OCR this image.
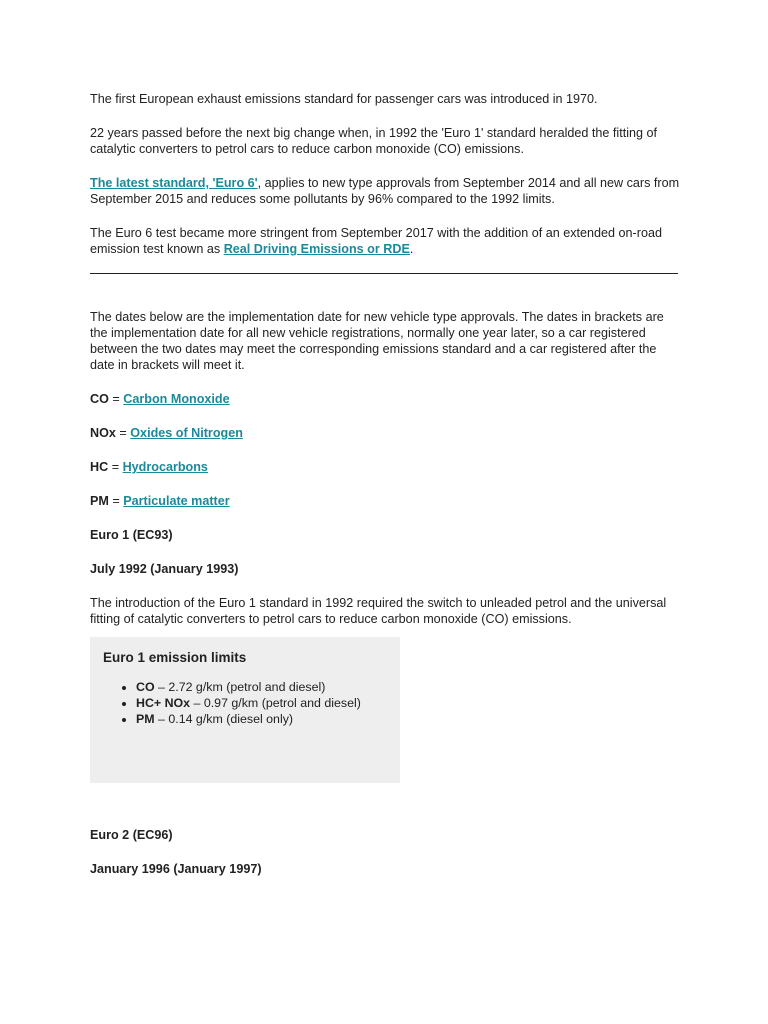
The first European exhaust emissions standard for passenger cars was introduced in 1970.

22 years passed before the next big change when, in 1992 the 'Euro 1' standard heralded the fitting of catalytic converters to petrol cars to reduce carbon monoxide (CO) emissions.

The latest standard, 'Euro 6', applies to new type approvals from September 2014 and all new cars from September 2015 and reduces some pollutants by 96% compared to the 1992 limits.

The Euro 6 test became more stringent from September 2017 with the addition of an extended on-road emission test known as Real Driving Emissions or RDE.

The dates below are the implementation date for new vehicle type approvals. The dates in brackets are the implementation date for all new vehicle registrations, normally one year later, so a car registered between the two dates may meet the corresponding emissions standard and a car registered after the date in brackets will meet it.

CO = Carbon Monoxide
NOx = Oxides of Nitrogen
HC = Hydrocarbons
PM = Particulate matter
Euro 1 (EC93)
July 1992 (January 1993)

The introduction of the Euro 1 standard in 1992 required the switch to unleaded petrol and the universal fitting of catalytic converters to petrol cars to reduce carbon monoxide (CO) emissions.

Euro 1 emission limits
• CO – 2.72 g/km (petrol and diesel)
• HC+ NOx – 0.97 g/km (petrol and diesel)
• PM – 0.14 g/km (diesel only)
Euro 2 (EC96)
January 1996 (January 1997)
